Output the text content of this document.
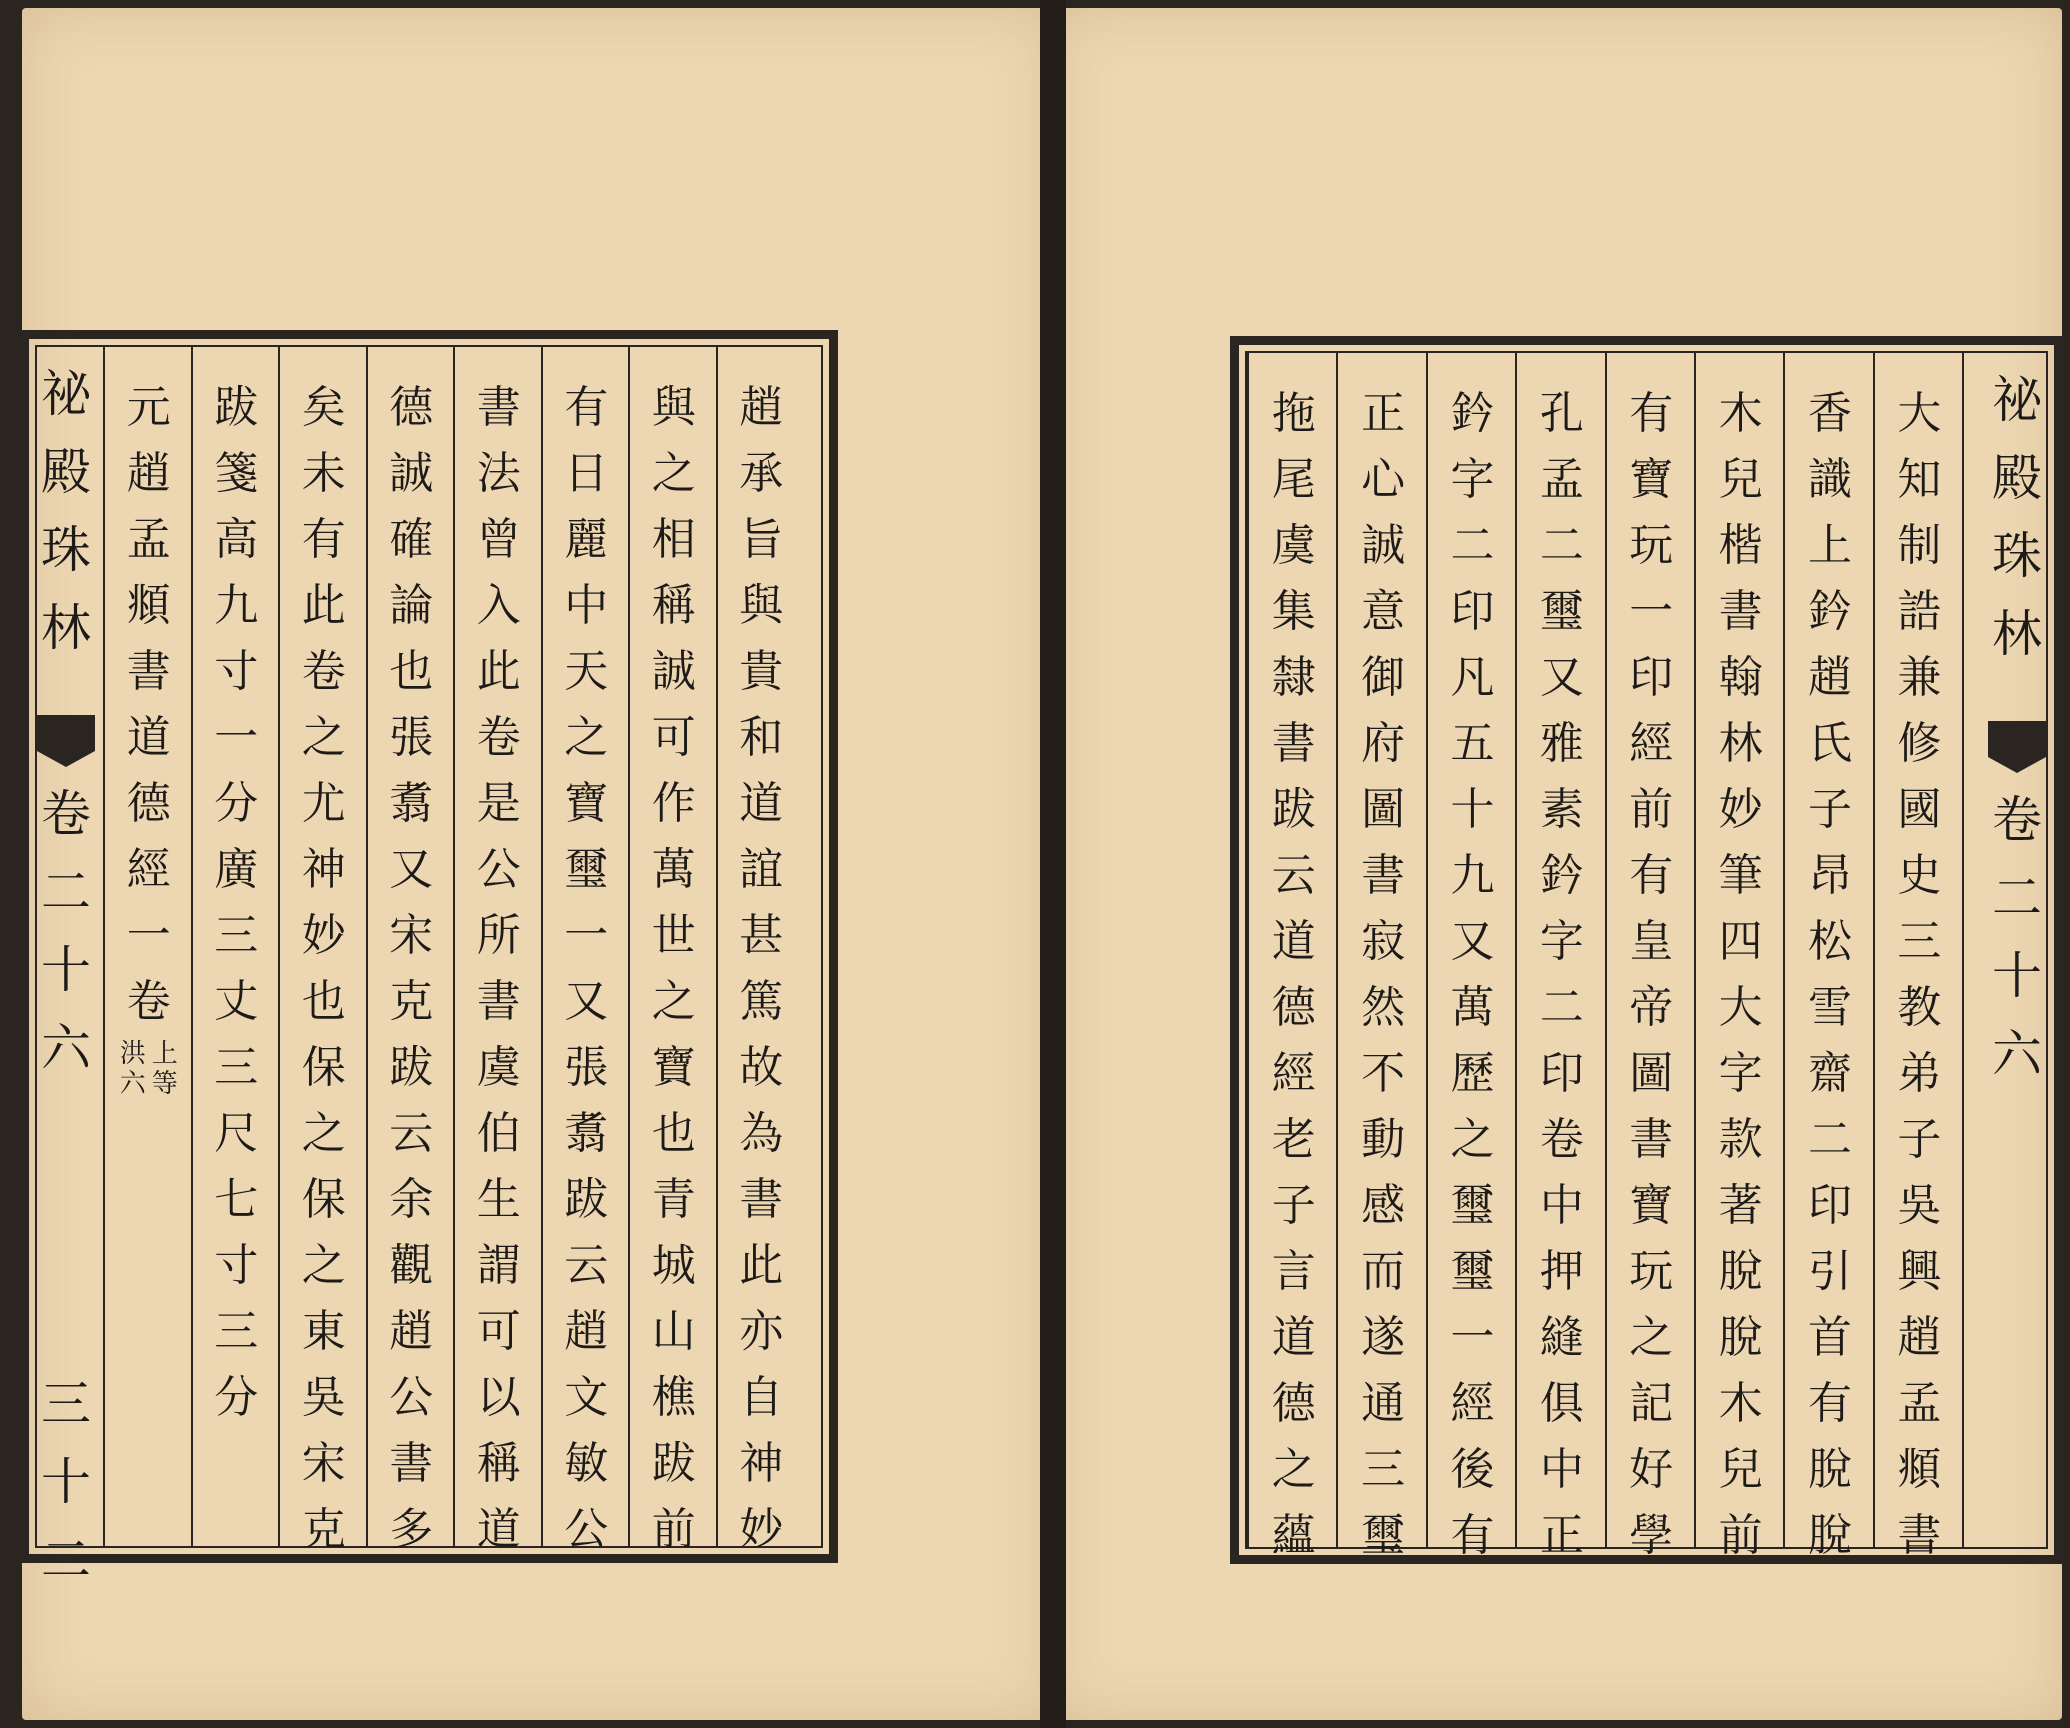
祕
殿
珠
林
卷
二
十
六
三
十
二
趙
承
旨
與
貴
和
道
誼
甚
篤
故
為
書
此
亦
自
神
妙
與
之
相
稱
誠
可
作
萬
世
之
寶
也
青
城
山
樵
跋
前
有
日
麗
中
天
之
寶
璽
一
又
張
翥
跋
云
趙
文
敏
公
書
法
曾
入
此
卷
是
公
所
書
虞
伯
生
謂
可
以
稱
道
德
誠
確
論
也
張
翥
又
宋
克
跋
云
余
觀
趙
公
書
多
矣
未
有
此
卷
之
尤
神
妙
也
保
之
保
之
東
吳
宋
克
跋
箋
高
九
寸
一
分
廣
三
丈
三
尺
七
寸
三
分
元
趙
孟
頫
書
道
德
經
一
卷
洪
六
上
等
大
知
制
誥
兼
修
國
史
三
教
弟
子
吳
興
趙
孟
頫
書
香
識
上
鈐
趙
氏
子
昂
松
雪
齋
二
印
引
首
有
脫
脫
木
兒
楷
書
翰
林
妙
筆
四
大
字
款
著
脫
脫
木
兒
前
有
寶
玩
一
印
經
前
有
皇
帝
圖
書
寶
玩
之
記
好
學
孔
孟
二
璽
又
雅
素
鈐
字
二
印
卷
中
押
縫
俱
中
正
鈐
字
二
印
凡
五
十
九
又
萬
歷
之
璽
璽
一
經
後
有
正
心
誠
意
御
府
圖
書
寂
然
不
動
感
而
遂
通
三
璽
拖
尾
虞
集
隸
書
跋
云
道
德
經
老
子
言
道
德
之
蘊
祕
殿
珠
林
卷
二
十
六
